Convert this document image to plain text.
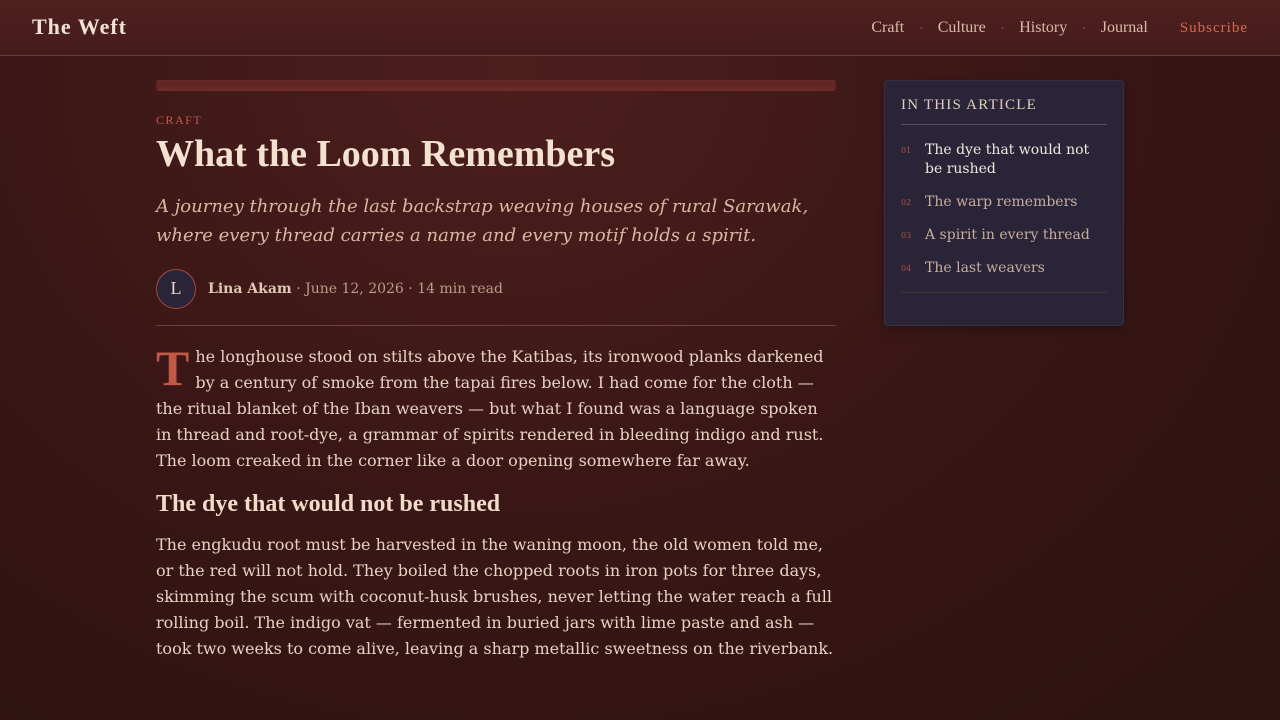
The Weft	Craft · Culture · History · Journal Subscribe
CRAFT
What the Loom Remembers

A journey through the last backstrap weaving houses of rural Sarawak, where every thread carries a name and every motif holds a spirit.

L Lina Akam · June 12, 2026 · 14 min read

The longhouse stood on stilts above the Katibas, its ironwood planks darkened by a century of smoke from the tapai fires below. I had come for the cloth — the ritual blanket of the Iban weavers — but what I found was a language spoken in thread and root-dye, a grammar of spirits rendered in bleeding indigo and rust. The loom creaked in the corner like a door opening somewhere far away.

The dye that would not be rushed

The engkudu root must be harvested in the waning moon, the old women told me, or the red will not hold. They boiled the chopped roots in iron pots for three days, skimming the scum with coconut-husk brushes, never letting the water reach a full rolling boil. The indigo vat — fermented in buried jars with lime paste and ash — took two weeks to come alive, leaving a sharp metallic sweetness on the riverbank.

IN THIS ARTICLE
01 The dye that would not be rushed
02 The warp remembers
03 A spirit in every thread
04 The last weavers
